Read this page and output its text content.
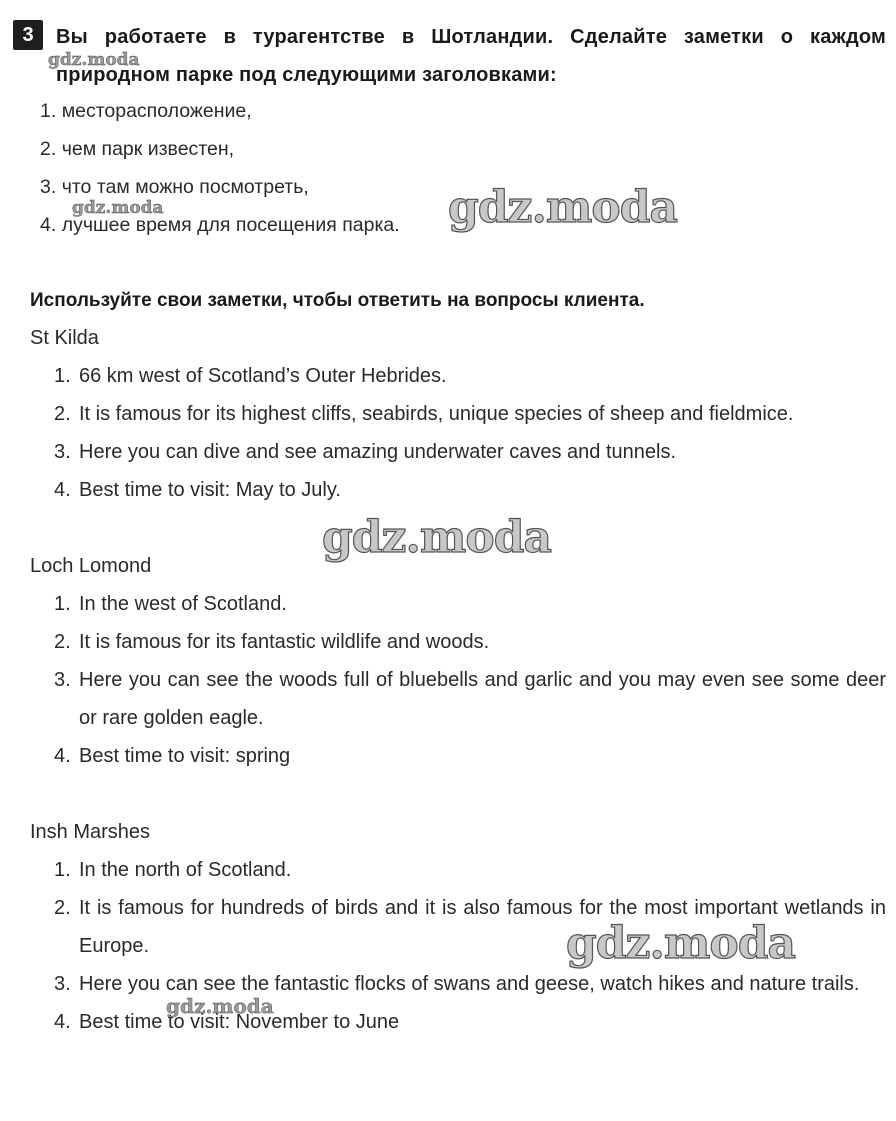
3	Вы работаете в турагентстве в Шотландии. Сделайте заметки о каждом природном парке под следующими заголовками:
1. месторасположение,
2. чем парк известен,
3. что там можно посмотреть,
4. лучшее время для посещения парка.
Используйте свои заметки, чтобы ответить на вопросы клиента.
St Kilda
1. 66 km west of Scotland’s Outer Hebrides.
2. It is famous for its highest cliffs, seabirds, unique species of sheep and fieldmice.
3. Here you can dive and see amazing underwater caves and tunnels.
4. Best time to visit: May to July.
Loch Lomond
1. In the west of Scotland.
2. It is famous for its fantastic wildlife and woods.
3. Here you can see the woods full of bluebells and garlic and you may even see some deer or rare golden eagle.
4. Best time to visit: spring
Insh Marshes
1. In the north of Scotland.
2. It is famous for hundreds of birds and it is also famous for the most important wetlands in Europe.
3. Here you can see the fantastic flocks of swans and geese, watch hikes and nature trails.
4. Best time to visit: November to June
gdz.moda
gdz.moda	gdz.moda
gdz.moda
gdz.moda
gdz.moda
